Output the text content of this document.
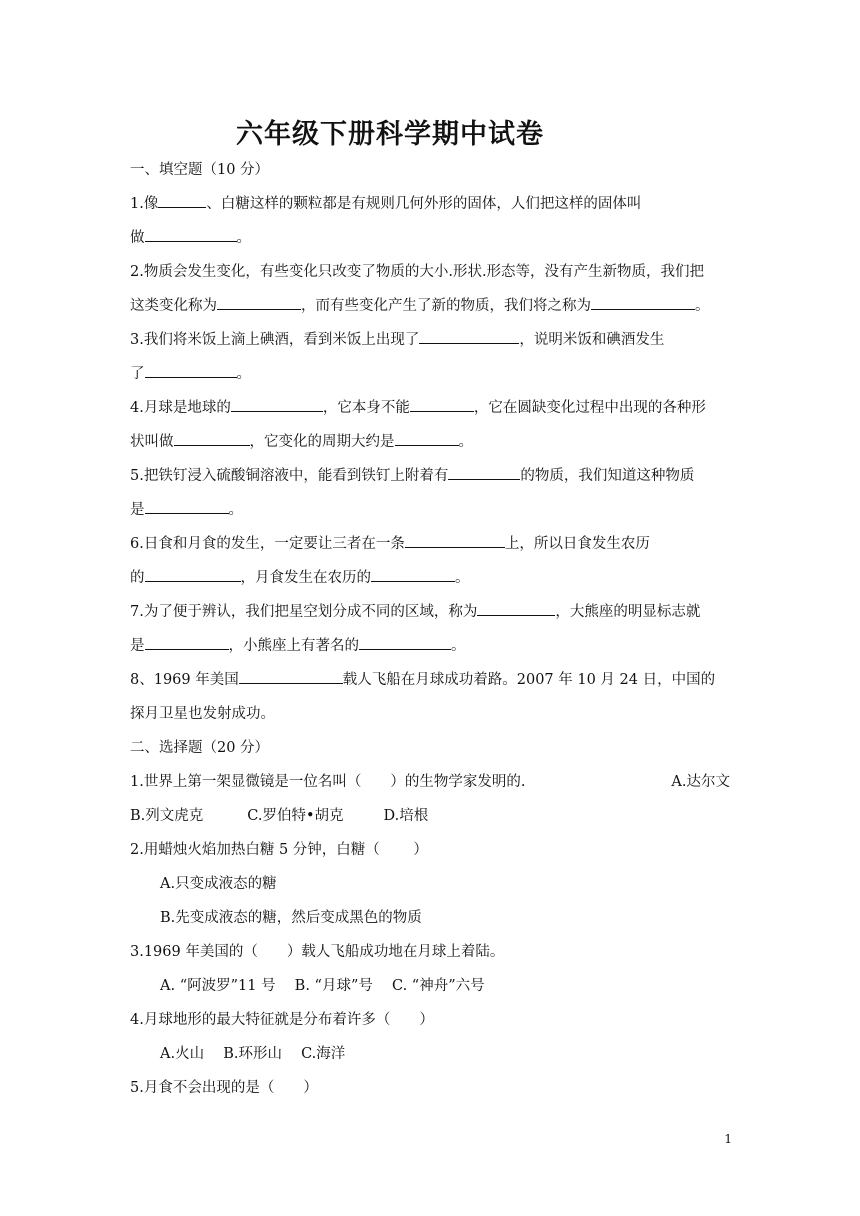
六年级下册科学期中试卷
一、填空题（10 分）
1.像	、白糖这样的颗粒都是有规则几何外形的固体，人们把这样的固体叫
做	。
2.物质会发生变化，有些变化只改变了物质的大小.形状.形态等，没有产生新物质，我们把
这类变化称为	，而有些变化产生了新的物质，我们将之称为	。
3.我们将米饭上滴上碘酒，看到米饭上出现了	，说明米饭和碘酒发生
了	。
4.月球是地球的	，它本身不能	，它在圆缺变化过程中出现的各种形
状叫做	，它变化的周期大约是	。
5.把铁钉浸入硫酸铜溶液中，能看到铁钉上附着有	的物质，我们知道这种物质
是	。
6.日食和月食的发生，一定要让三者在一条	上，所以日食发生农历
的	，月食发生在农历的	。
7.为了便于辨认，我们把星空划分成不同的区域，称为	，大熊座的明显标志就
是	，小熊座上有著名的	。
8、1969 年美国	载人飞船在月球成功着路。2007 年 10 月 24 日，中国的
探月卫星也发射成功。
二、选择题（20 分）
1.世界上第一架显微镜是一位名叫（　　）的生物学家发明的.	A.达尔文
B.列文虎克	C.罗伯特•胡克	D.培根
2.用蜡烛火焰加热白糖 5 分钟，白糖（　　 ）
A.只变成液态的糖
B.先变成液态的糖，然后变成黑色的物质
3.1969 年美国的（　　）载人飞船成功地在月球上着陆。
A. “阿波罗”11 号　 B. “月球”号　 C. “神舟”六号
4.月球地形的最大特征就是分布着许多（　　）
A.火山　 B.环形山　 C.海洋
5.月食不会出现的是（　　）
1
